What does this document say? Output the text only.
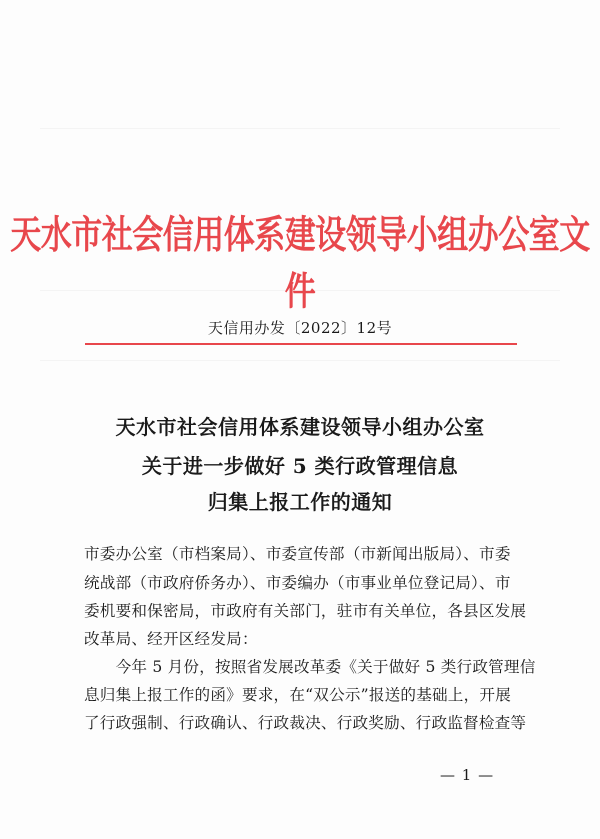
天水市社会信用体系建设领导小组办公室文件
天信用办发〔2022〕12号
天水市社会信用体系建设领导小组办公室
关于进一步做好 5 类行政管理信息
归集上报工作的通知
市委办公室（市档案局）、市委宣传部（市新闻出版局）、市委
统战部（市政府侨务办）、市委编办（市事业单位登记局）、市
委机要和保密局，市政府有关部门，驻市有关单位，各县区发展
改革局、经开区经发局：
　　今年 5 月份，按照省发展改革委《关于做好 5 类行政管理信
息归集上报工作的函》要求，在“双公示”报送的基础上，开展
了行政强制、行政确认、行政裁决、行政奖励、行政监督检查等
— 1 —
